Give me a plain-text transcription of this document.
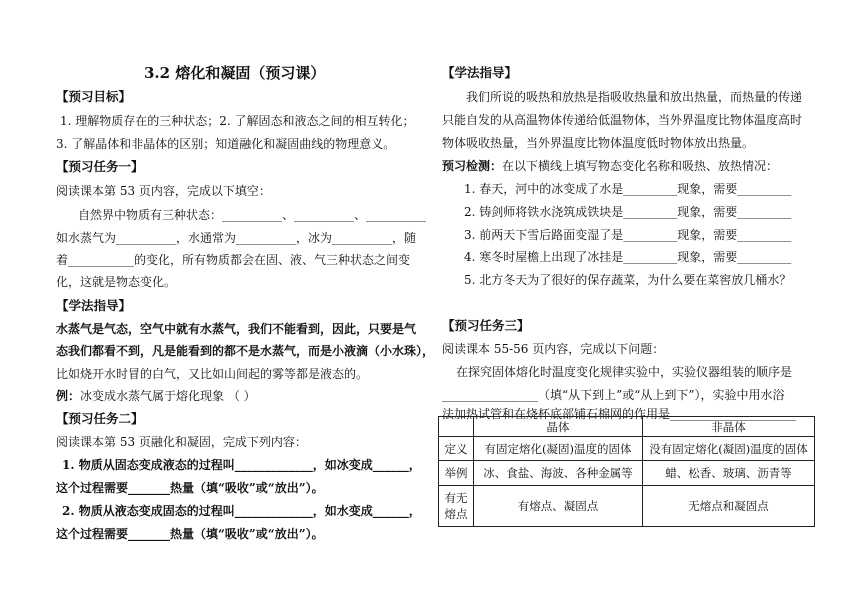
3.2 熔化和凝固（预习课）
【预习目标】
1. 理解物质存在的三种状态；2. 了解固态和液态之间的相互转化；
3. 了解晶体和非晶体的区别；知道融化和凝固曲线的物理意义。
【预习任务一】
阅读课本第 53 页内容，完成以下填空：
自然界中物质有三种状态：__________、__________、__________
如水蒸气为__________，水通常为__________，冰为__________，随
着___________的变化，所有物质都会在固、液、气三种状态之间变
化，这就是物态变化。
【学法指导】
水蒸气是气态，空气中就有水蒸气，我们不能看到，因此，只要是气
态我们都看不到，凡是能看到的都不是水蒸气，而是小液滴（小水珠），
比如烧开水时冒的白气，又比如山间起的雾等都是液态的。
例：冰变成水蒸气属于熔化现象 （ ）
【预习任务二】
阅读课本第 53 页融化和凝固，完成下列内容：
1. 物质从固态变成液态的过程叫_____________，如冰变成______，
这个过程需要_______热量（填“吸收”或“放出”）。
2. 物质从液态变成固态的过程叫_____________，如水变成______，
这个过程需要_______热量（填“吸收”或“放出”）。
【学法指导】
我们所说的吸热和放热是指吸收热量和放出热量，而热量的传递
只能自发的从高温物体传递给低温物体，当外界温度比物体温度高时
物体吸收热量，当外界温度比物体温度低时物体放出热量。
预习检测：在以下横线上填写物态变化名称和吸热、放热情况：
1. 春天，河中的冰变成了水是_________现象，需要_________
2. 铸剑师将铁水浇筑成铁块是_________现象，需要_________
3. 前两天下雪后路面变湿了是_________现象，需要_________
4. 寒冬时屋檐上出现了冰挂是_________现象，需要_________
5. 北方冬天为了很好的保存蔬菜，为什么要在菜窖放几桶水？
【预习任务三】
阅读课本 55-56 页内容，完成以下问题：
在探究固体熔化时温度变化规律实验中，实验仪器组装的顺序是
________________（填“从下到上”或“从上到下”），实验中用水浴
法加热试管和在烧杯底部铺石棉网的作用是_____________________
	晶体	非晶体
定义	有固定熔化(凝固)温度的固体	没有固定熔化(凝固)温度的固体
举例	冰、食盐、海波、各种金属等	蜡、松香、玻璃、沥青等

有无
熔点	有熔点、凝固点	无熔点和凝固点
